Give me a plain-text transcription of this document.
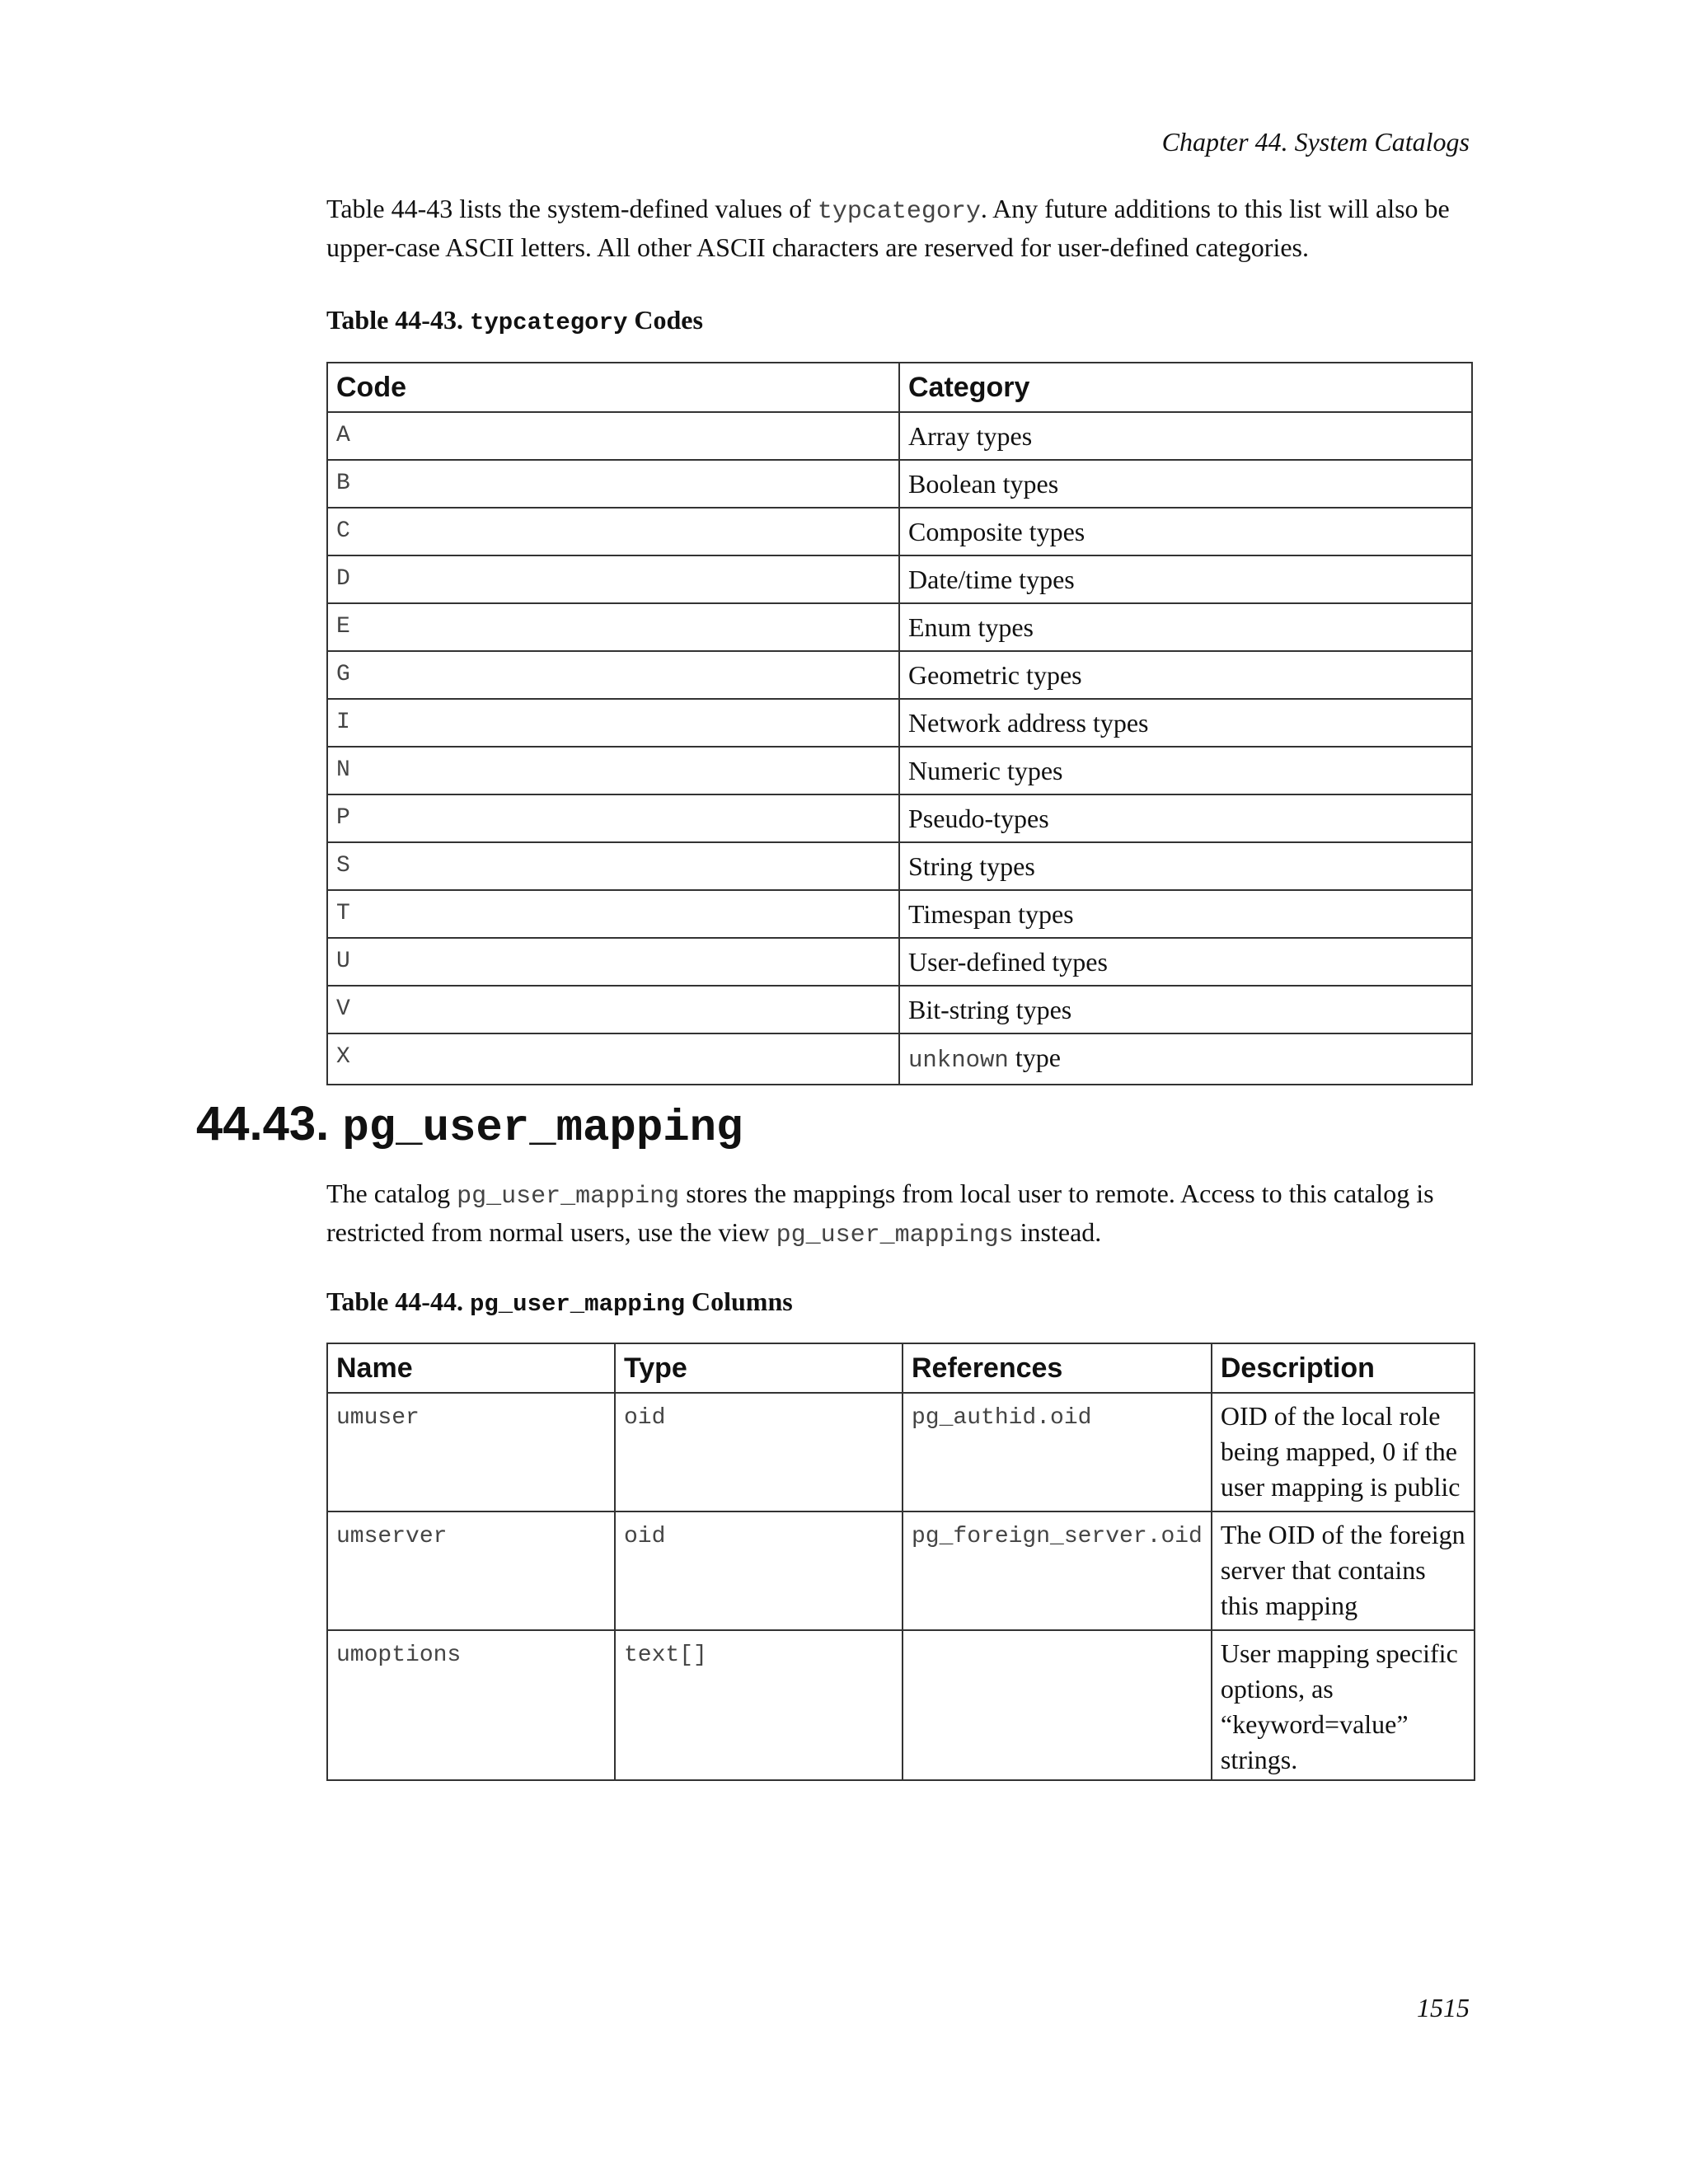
Chapter 44. System Catalogs

Table 44-43 lists the system-defined values of typcategory. Any future additions to this list will also be upper-case ASCII letters. All other ASCII characters are reserved for user-defined categories.

Table 44-43. typcategory Codes

Code	Category
A	Array types
B	Boolean types
C	Composite types
D	Date/time types
E	Enum types
G	Geometric types
I	Network address types
N	Numeric types
P	Pseudo-types
S	String types
T	Timespan types
U	User-defined types
V	Bit-string types
X	unknown type
44.43. pg_user_mapping

The catalog pg_user_mapping stores the mappings from local user to remote. Access to this catalog is restricted from normal users, use the view pg_user_mappings instead.

Table 44-44. pg_user_mapping Columns

Name	Type	References	Description
umuser	oid	pg_authid.oid	OID of the local role being mapped, 0 if the user mapping is public
umserver	oid	pg_foreign_server.oid	The OID of the foreign server that contains this mapping
umoptions	text[]		User mapping specific options, as “keyword=value” strings.
1515
